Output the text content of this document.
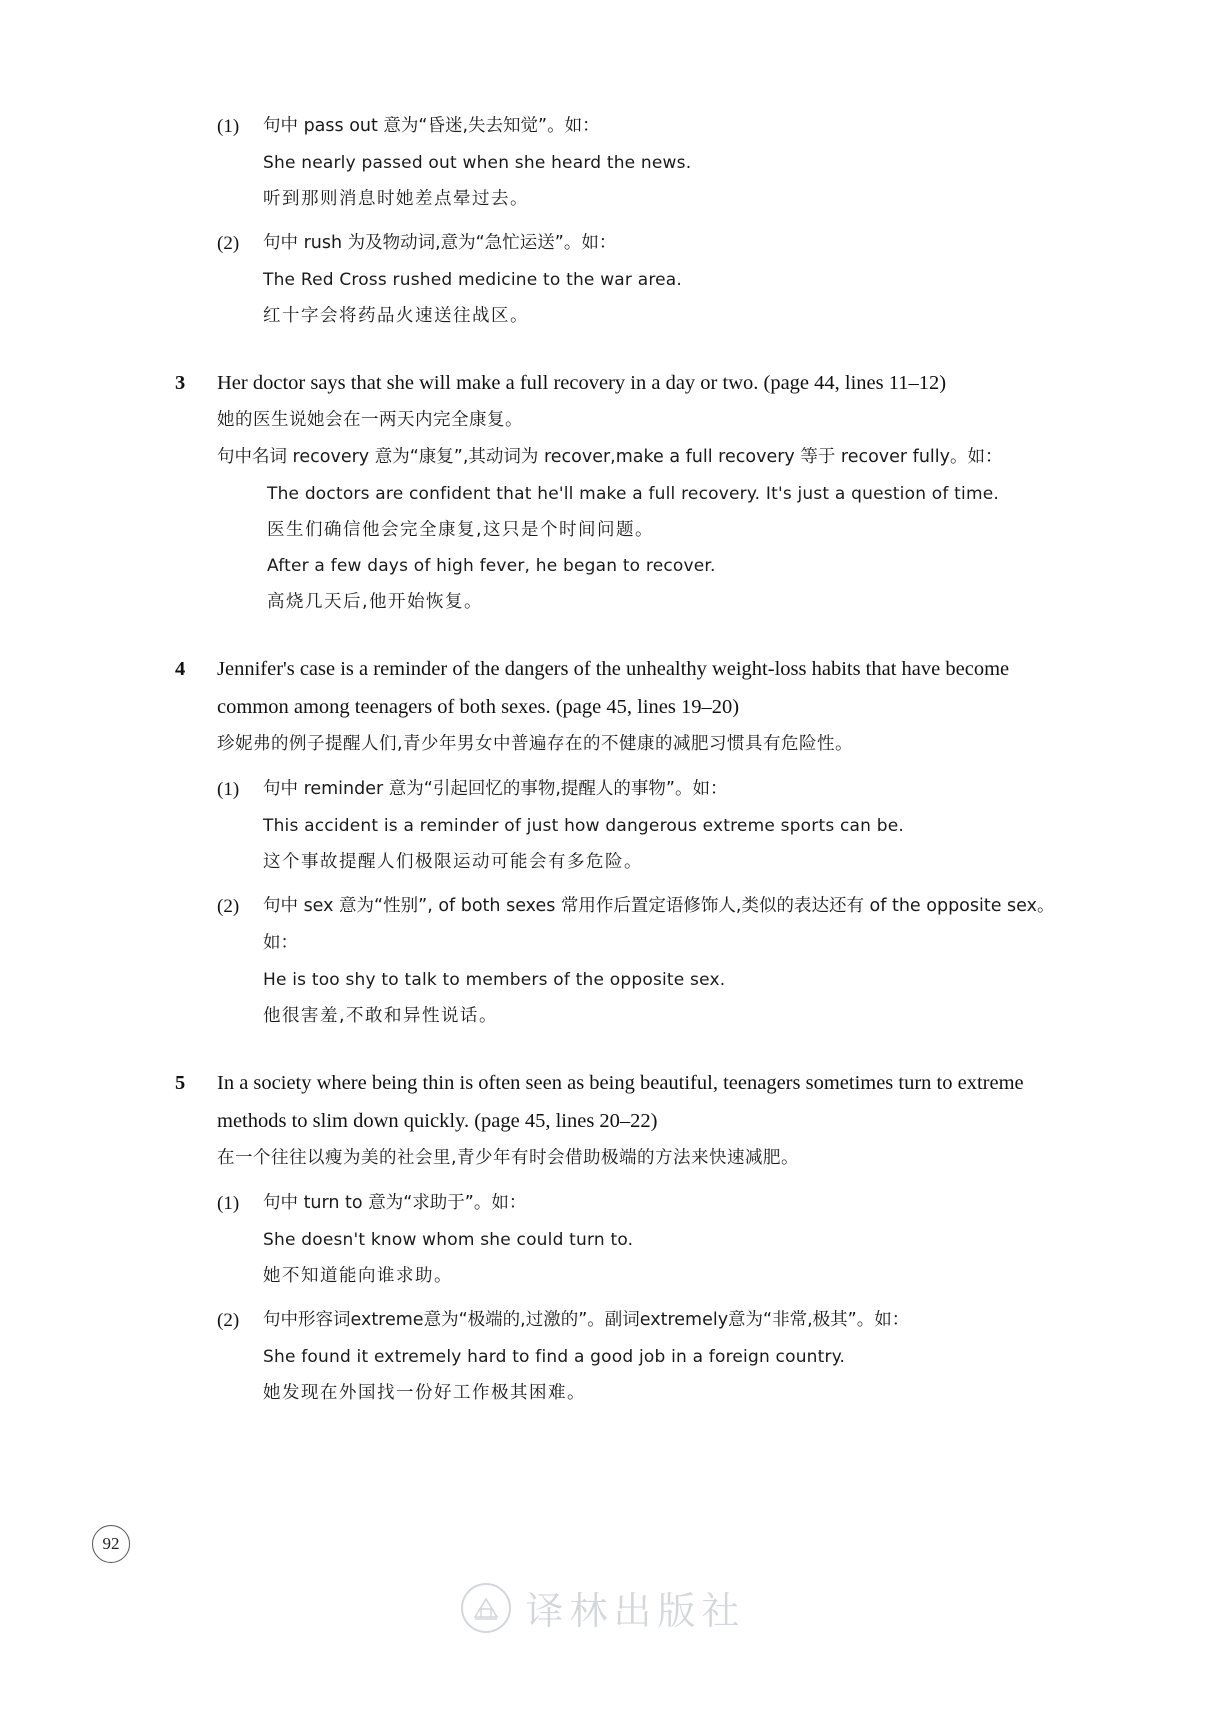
(1)	句中 pass out 意为“昏迷,失去知觉”。如：
She nearly passed out when she heard the news.
听到那则消息时她差点晕过去。
(2)	句中 rush 为及物动词,意为“急忙运送”。如：
The Red Cross rushed medicine to the war area.
红十字会将药品火速送往战区。
3	Her doctor says that she will make a full recovery in a day or two. (page 44, lines 11–12)
她的医生说她会在一两天内完全康复。
句中名词 recovery 意为“康复”,其动词为 recover,make a full recovery 等于 recover fully。如：
The doctors are confident that he'll make a full recovery. It's just a question of time.
医生们确信他会完全康复,这只是个时间问题。
After a few days of high fever, he began to recover.
高烧几天后,他开始恢复。
4	Jennifer's case is a reminder of the dangers of the unhealthy weight-loss habits that have become common among teenagers of both sexes. (page 45, lines 19–20)
珍妮弗的例子提醒人们,青少年男女中普遍存在的不健康的减肥习惯具有危险性。
(1)	句中 reminder 意为“引起回忆的事物,提醒人的事物”。如：
This accident is a reminder of just how dangerous extreme sports can be.
这个事故提醒人们极限运动可能会有多危险。
(2)	句中 sex 意为“性别”, of both sexes 常用作后置定语修饰人,类似的表达还有 of the opposite sex。如：
He is too shy to talk to members of the opposite sex.
他很害羞,不敢和异性说话。
5	In a society where being thin is often seen as being beautiful, teenagers sometimes turn to extreme methods to slim down quickly. (page 45, lines 20–22)
在一个往往以瘦为美的社会里,青少年有时会借助极端的方法来快速减肥。
(1)	句中 turn to 意为“求助于”。如：
She doesn't know whom she could turn to.
她不知道能向谁求助。
(2)	句中形容词extreme意为“极端的,过激的”。副词extremely意为“非常,极其”。如：
She found it extremely hard to find a good job in a foreign country.
她发现在外国找一份好工作极其困难。
92
译林出版社
